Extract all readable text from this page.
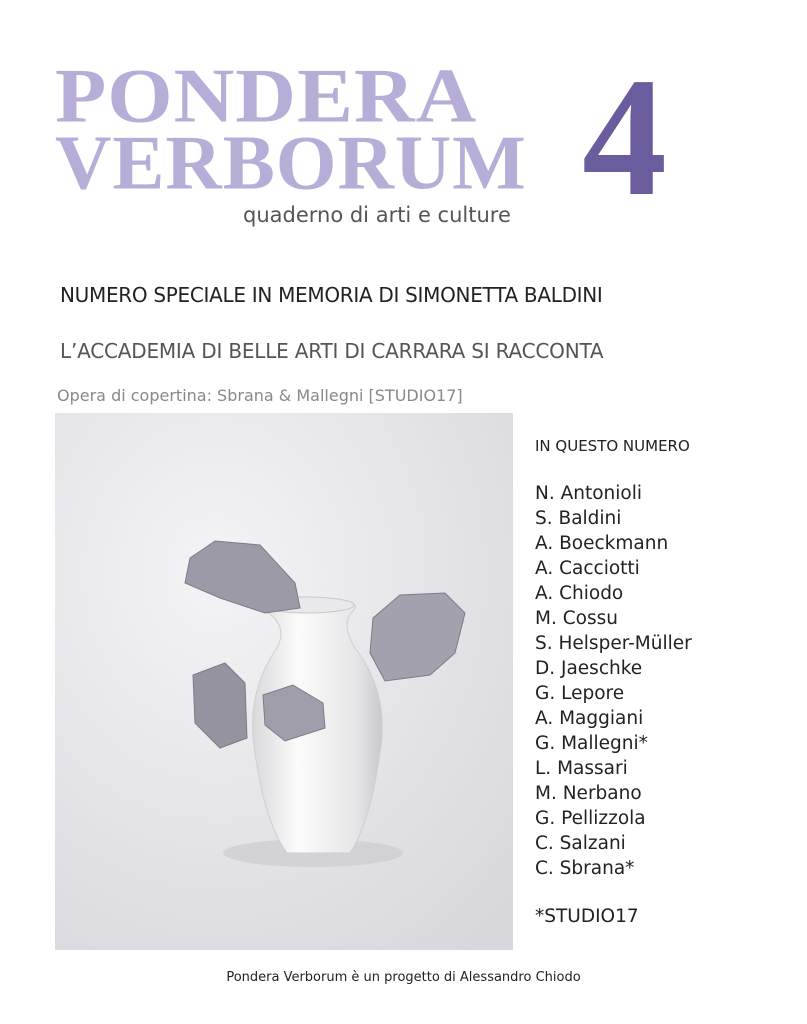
PONDERA
VERBORUM 4
quaderno di arti e culture
NUMERO SPECIALE IN MEMORIA DI SIMONETTA BALDINI
L’ACCADEMIA DI BELLE ARTI DI CARRARA SI RACCONTA
Opera di copertina: Sbrana & Mallegni [STUDIO17]
IN QUESTO NUMERO
N. Antonioli
S. Baldini
A. Boeckmann
A. Cacciotti
A. Chiodo
M. Cossu
S. Helsper-Müller
D. Jaeschke
G. Lepore
A. Maggiani
G. Mallegni*
L. Massari
M. Nerbano
G. Pellizzola
C. Salzani
C. Sbrana*
*STUDIO17
Pondera Verborum è un progetto di Alessandro Chiodo
